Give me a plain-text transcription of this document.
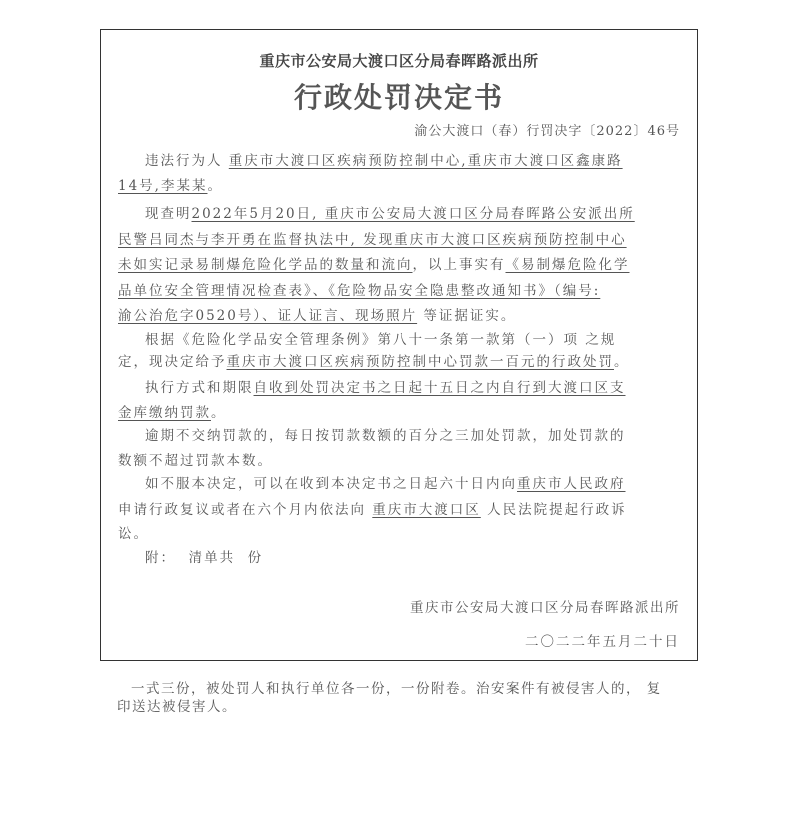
重庆市公安局大渡口区分局春晖路派出所
行政处罚决定书
渝公大渡口（春）行罚决字〔2022〕46号
违法行为人 重庆市大渡口区疾病预防控制中心,重庆市大渡口区鑫康路
14号,李某某。
现查明2022年5月20日, 重庆市公安局大渡口区分局春晖路公安派出所
民警吕同杰与李开勇在监督执法中, 发现重庆市大渡口区疾病预防控制中心
未如实记录易制爆危险化学品的数量和流向，以上事实有《易制爆危险化学
品单位安全管理情况检查表》、《危险物品安全隐患整改通知书》（编号:
渝公治危字0520号）、证人证言、现场照片 等证据证实。
根据《危险化学品安全管理条例》第八十一条第一款第（一）项 之规
定，现决定给予重庆市大渡口区疾病预防控制中心罚款一百元的行政处罚。
执行方式和期限自收到处罚决定书之日起十五日之内自行到大渡口区支
金库缴纳罚款。
逾期不交纳罚款的，每日按罚款数额的百分之三加处罚款，加处罚款的
数额不超过罚款本数。
如不服本决定，可以在收到本决定书之日起六十日内向重庆市人民政府
申请行政复议或者在六个月内依法向 重庆市大渡口区 人民法院提起行政诉
讼。
附：  清单共  份
重庆市公安局大渡口区分局春晖路派出所
二〇二二年五月二十日
一式三份，被处罚人和执行单位各一份，一份附卷。治安案件有被侵害人的， 复
印送达被侵害人。
